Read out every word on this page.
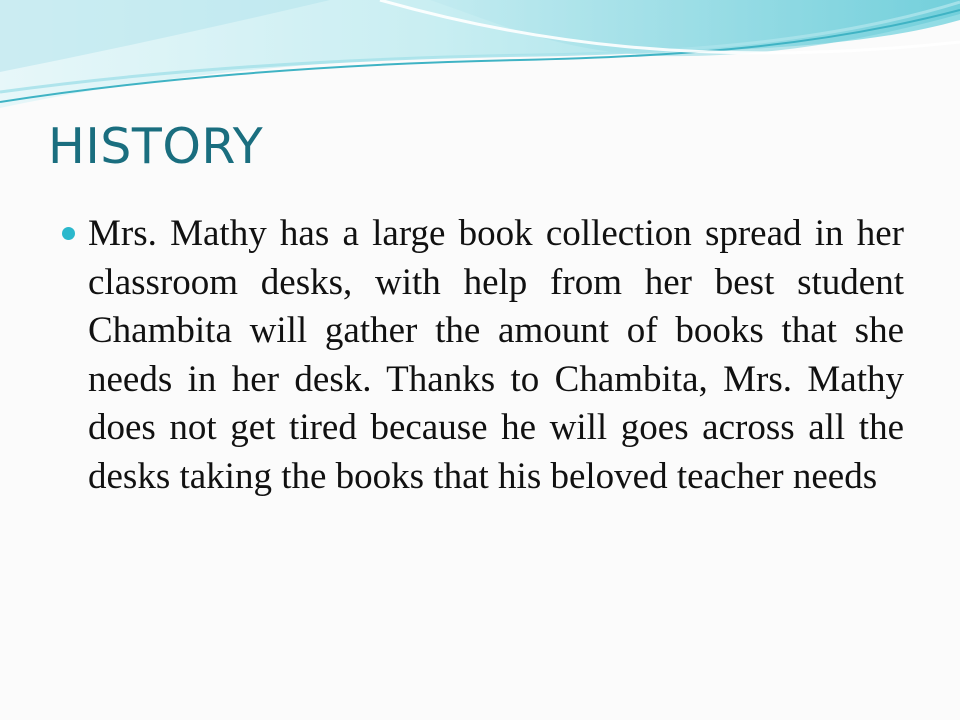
HISTORY

Mrs. Mathy has a large book collection spread in her classroom desks, with help from her best student Chambita will gather the amount of books that she needs in her desk. Thanks to Chambita, Mrs. Mathy does not get tired because he will goes across all the desks taking the books that his beloved teacher needs
